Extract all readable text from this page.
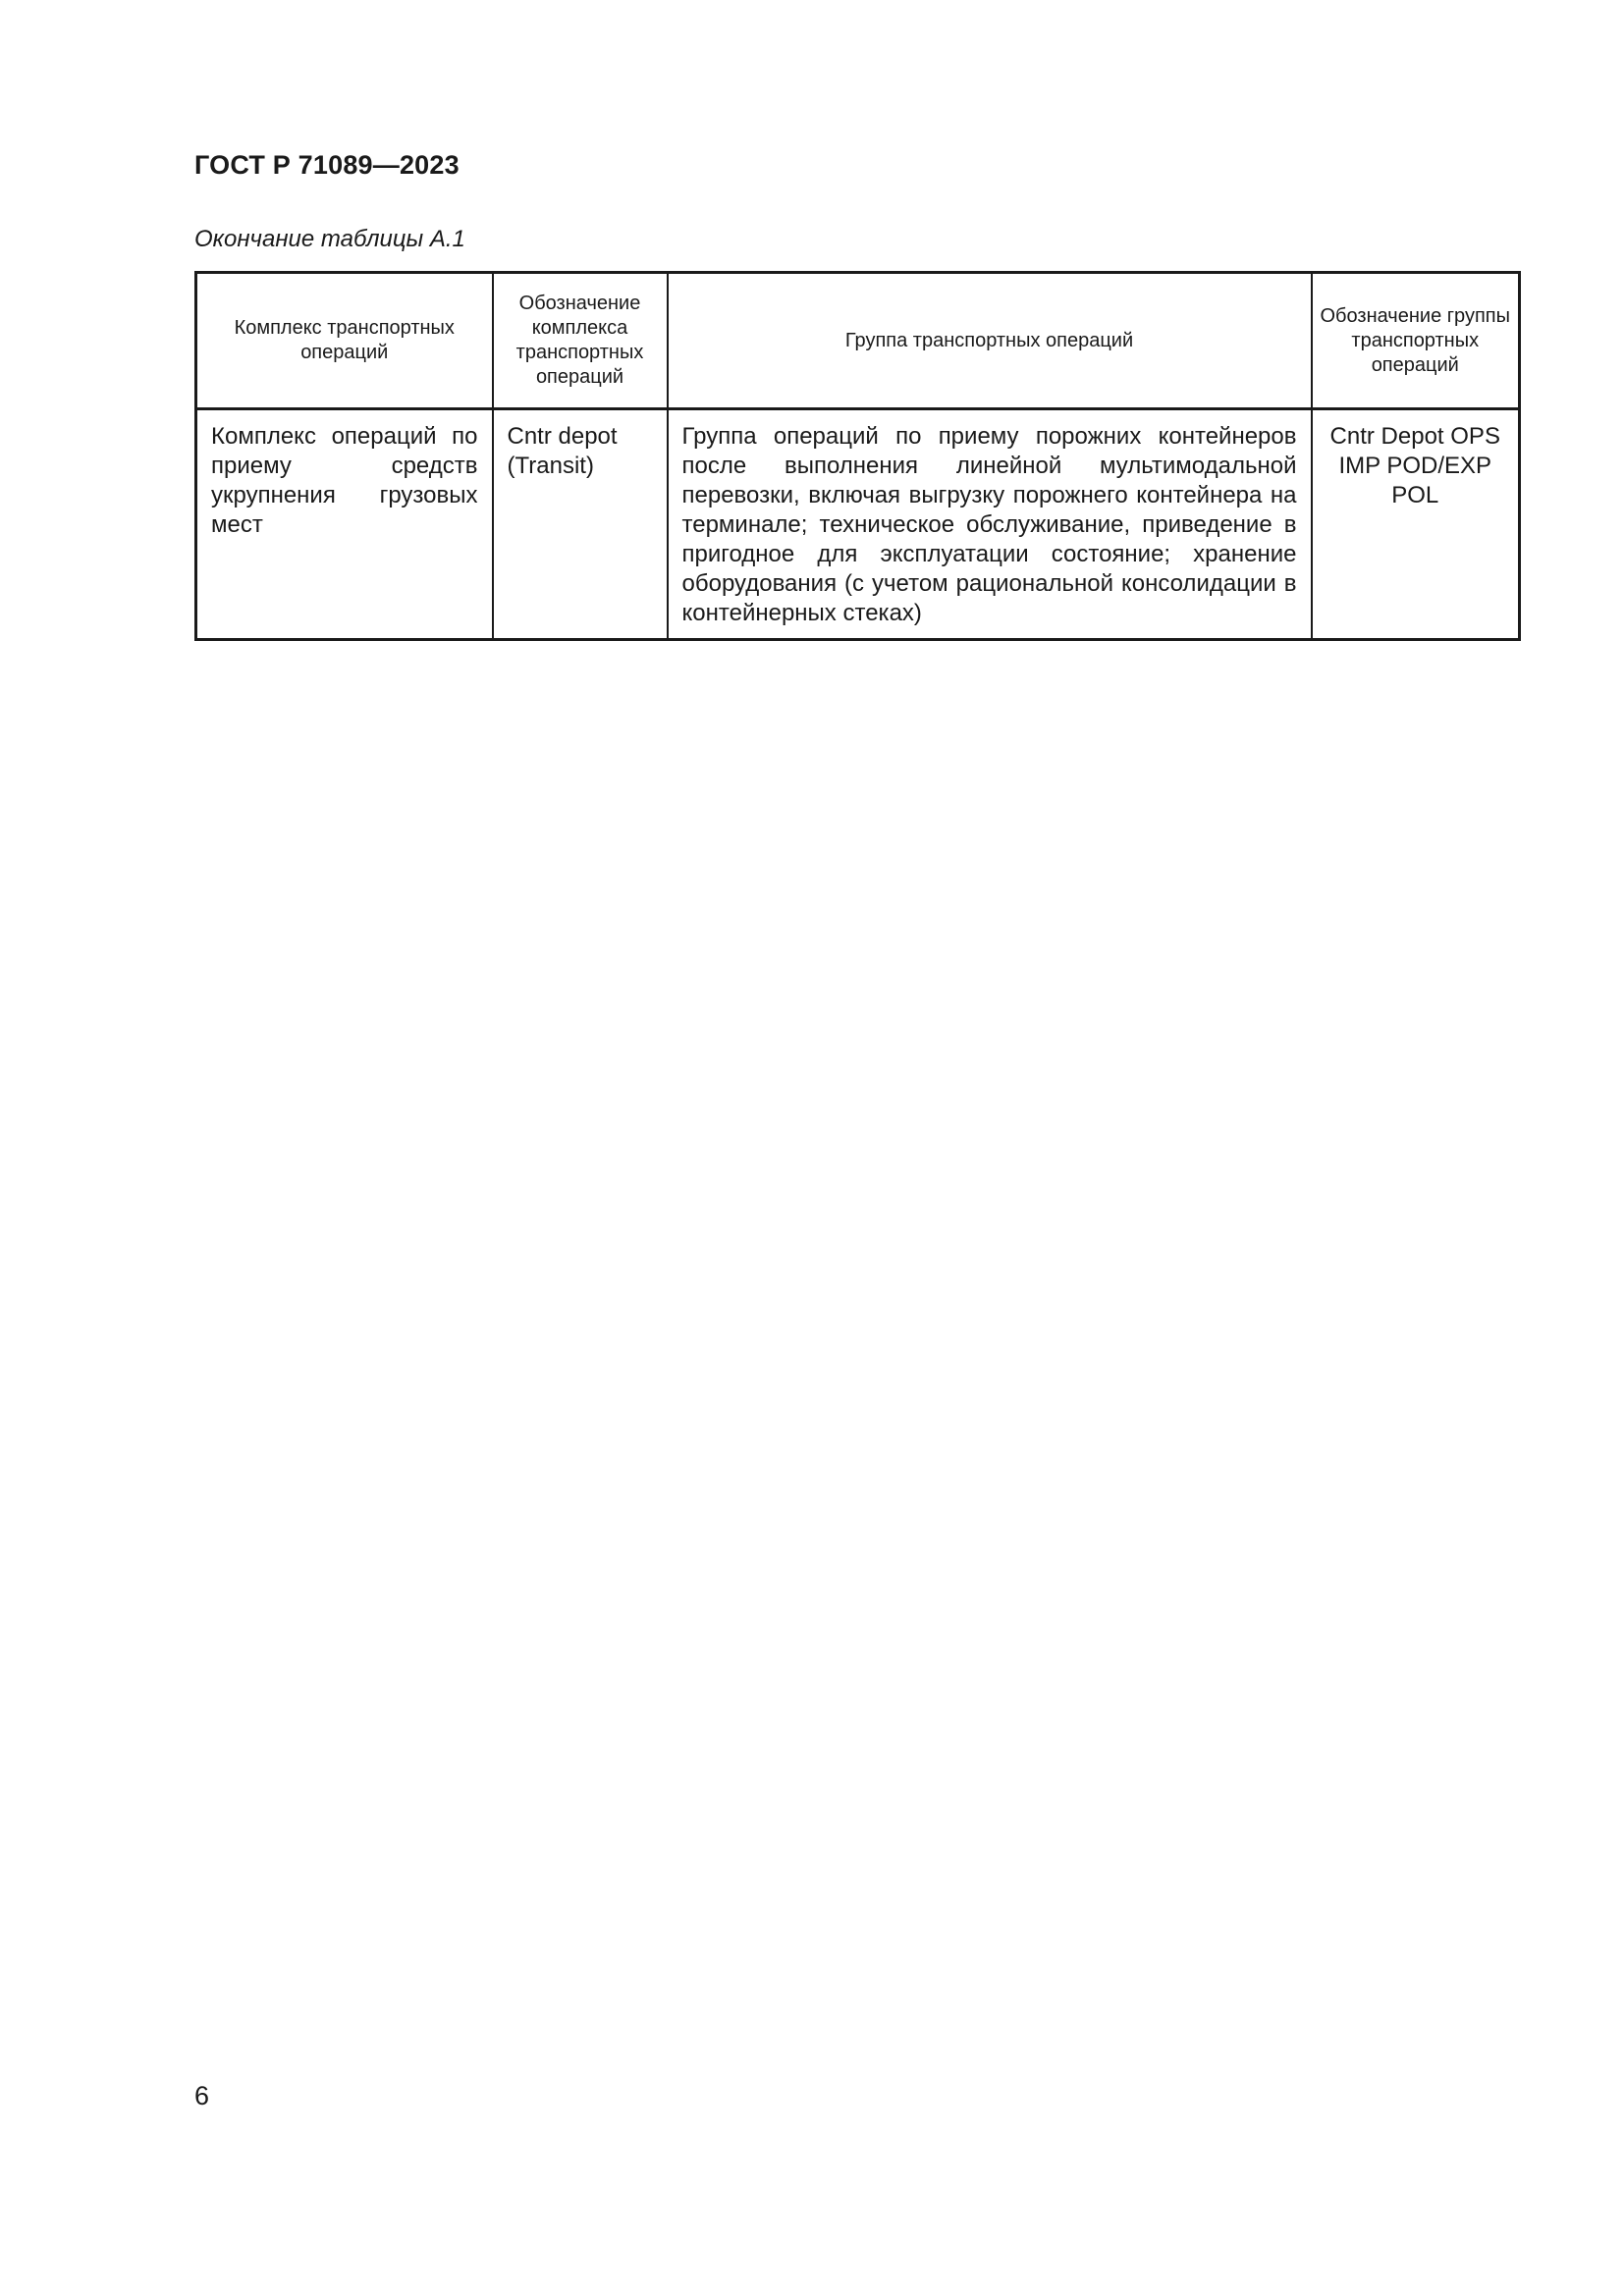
ГОСТ Р 71089—2023
Окончание таблицы А.1
Комплекс транспортных операций	Обозначение комплекса транспортных операций	Группа транспортных операций	Обозначение группы транспортных операций
Комплекс операций по приему средств укрупнения грузовых мест	Cntr depot (Transit)	Группа операций по приему порожних контейнеров после выполнения линейной мультимодальной перевозки, включая выгрузку порожнего контейнера на терминале; техническое обслуживание, приведение в пригодное для эксплуатации состояние; хранение оборудования (с учетом рациональной консолидации в контейнерных стеках)	Cntr Depot OPS IMP POD/EXP POL
6
